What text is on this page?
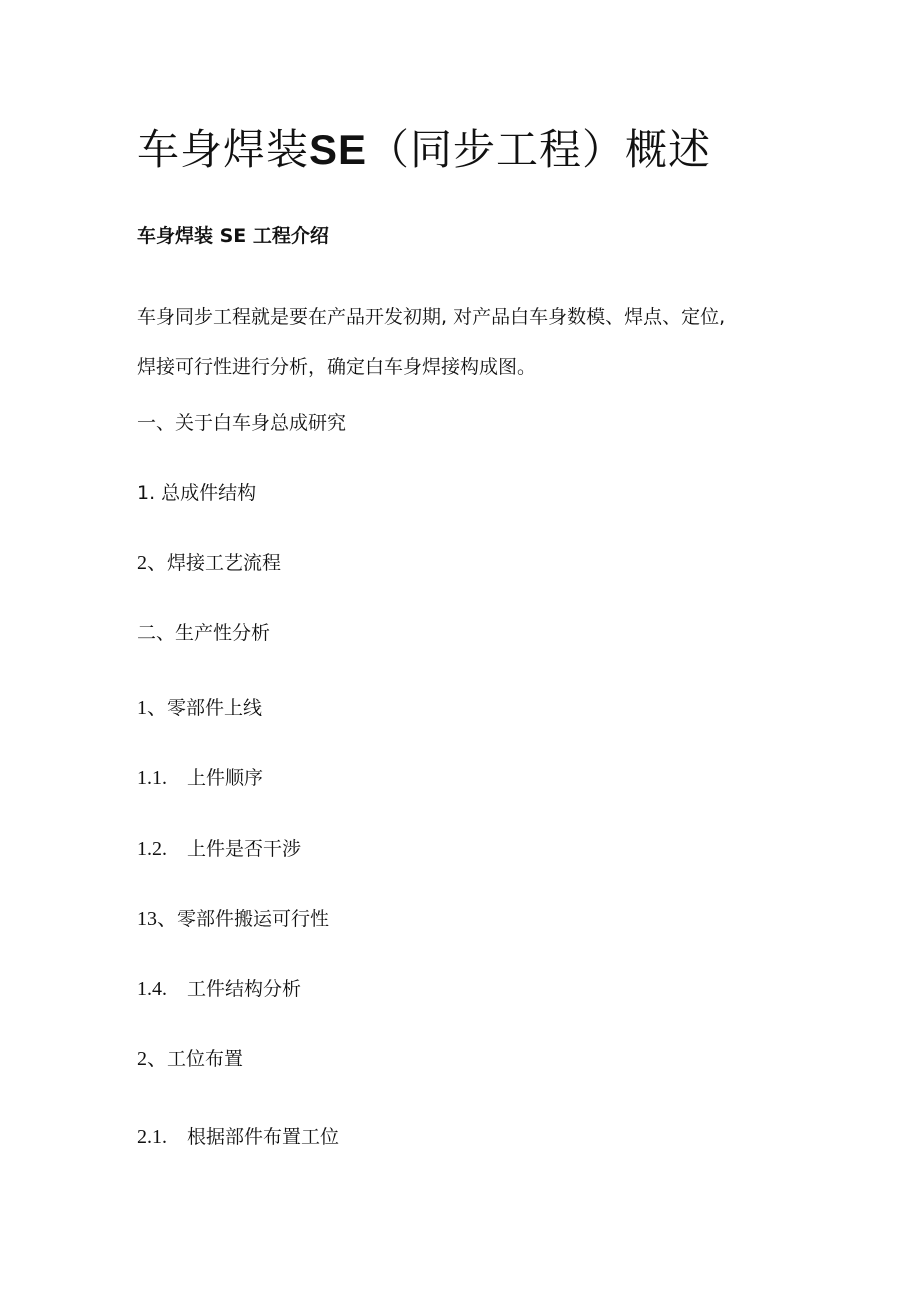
车身焊装SE（同步工程）概述
车身焊装 SE 工程介绍

车身同步工程就是要在产品开发初期, 对产品白车身数模、焊点、定位,

焊接可行性进行分析，确定白车身焊接构成图。

一、关于白车身总成研究
1. 总成件结构
2、焊接工艺流程
二、生产性分析
1、零部件上线
1.1.　上件顺序
1.2.　上件是否干涉
13、零部件搬运可行性
1.4.　工件结构分析
2、工位布置
2.1.　根据部件布置工位
